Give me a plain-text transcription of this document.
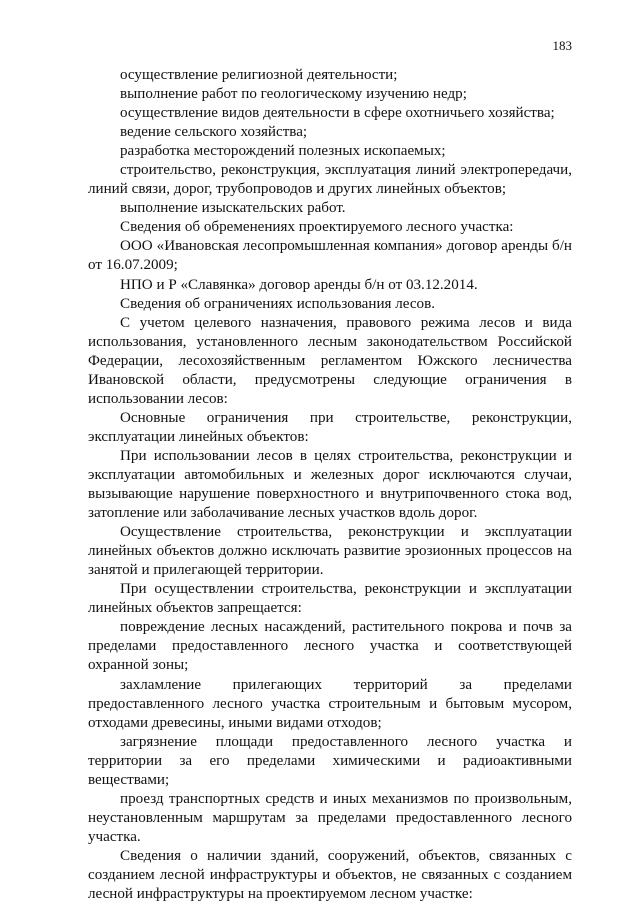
183

осуществление религиозной деятельности;

выполнение работ по геологическому изучению недр;

осуществление видов деятельности в сфере охотничьего хозяйства;

ведение сельского хозяйства;

разработка месторождений полезных ископаемых;

строительство, реконструкция, эксплуатация линий электропередачи, линий связи, дорог, трубопроводов и других линейных объектов;

выполнение изыскательских работ.

Сведения об обременениях проектируемого лесного участка:

ООО «Ивановская лесопромышленная компания» договор аренды б/н от 16.07.2009;

НПО и Р «Славянка» договор аренды б/н от 03.12.2014.

Сведения об ограничениях использования лесов.

С учетом целевого назначения, правового режима лесов и вида использования, установленного лесным законодательством Российской Федерации, лесохозяйственным регламентом Южского лесничества Ивановской области, предусмотрены следующие ограничения в использовании лесов:

Основные ограничения при строительстве, реконструкции, эксплуатации линейных объектов:

При использовании лесов в целях строительства, реконструкции и эксплуатации автомобильных и железных дорог исключаются случаи, вызывающие нарушение поверхностного и внутрипочвенного стока вод, затопление или заболачивание лесных участков вдоль дорог.

Осуществление строительства, реконструкции и эксплуатации линейных объектов должно исключать развитие эрозионных процессов на занятой и прилегающей территории.

При осуществлении строительства, реконструкции и эксплуатации линейных объектов запрещается:

повреждение лесных насаждений, растительного покрова и почв за пределами предоставленного лесного участка и соответствующей охранной зоны;

захламление прилегающих территорий за пределами предоставленного лесного участка строительным и бытовым мусором, отходами древесины, иными видами отходов;

загрязнение площади предоставленного лесного участка и территории за его пределами химическими и радиоактивными веществами;

проезд транспортных средств и иных механизмов по произвольным, неустановленным маршрутам за пределами предоставленного лесного участка.

Сведения о наличии зданий, сооружений, объектов, связанных с созданием лесной инфраструктуры и объектов, не связанных с созданием лесной инфраструктуры на проектируемом лесном участке:
